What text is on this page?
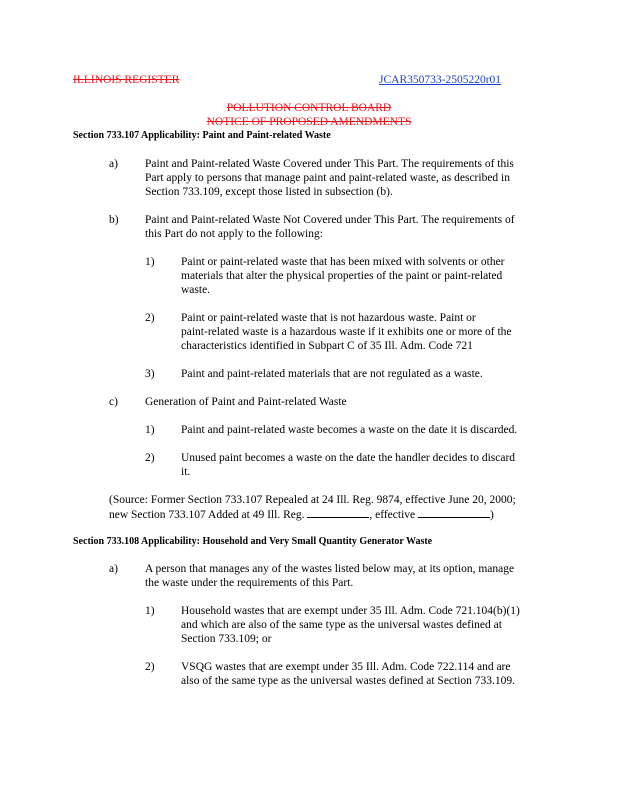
ILLINOIS REGISTER	JCAR350733-2505220r01
POLLUTION CONTROL BOARD
NOTICE OF PROPOSED AMENDMENTS
Section 733.107 Applicability: Paint and Paint-related Waste
a) Paint and Paint-related Waste Covered under This Part. The requirements of this
Part apply to persons that manage paint and paint-related waste, as described in
Section 733.109, except those listed in subsection (b).
b) Paint and Paint-related Waste Not Covered under This Part. The requirements of
this Part do not apply to the following:
1) Paint or paint-related waste that has been mixed with solvents or other
materials that alter the physical properties of the paint or paint-related
waste.
2) Paint or paint-related waste that is not hazardous waste. Paint or
paint-related waste is a hazardous waste if it exhibits one or more of the
characteristics identified in Subpart C of 35 Ill. Adm. Code 721
3) Paint and paint-related materials that are not regulated as a waste.
c) Generation of Paint and Paint-related Waste
1) Paint and paint-related waste becomes a waste on the date it is discarded.
2) Unused paint becomes a waste on the date the handler decides to discard
it.
(Source: Former Section 733.107 Repealed at 24 Ill. Reg. 9874, effective June 20, 2000;
new Section 733.107 Added at 49 Ill. Reg.	, effective	)
Section 733.108 Applicability: Household and Very Small Quantity Generator Waste
a) A person that manages any of the wastes listed below may, at its option, manage
the waste under the requirements of this Part.
1) Household wastes that are exempt under 35 Ill. Adm. Code 721.104(b)(1)
and which are also of the same type as the universal wastes defined at
Section 733.109; or
2) VSQG wastes that are exempt under 35 Ill. Adm. Code 722.114 and are
also of the same type as the universal wastes defined at Section 733.109.
